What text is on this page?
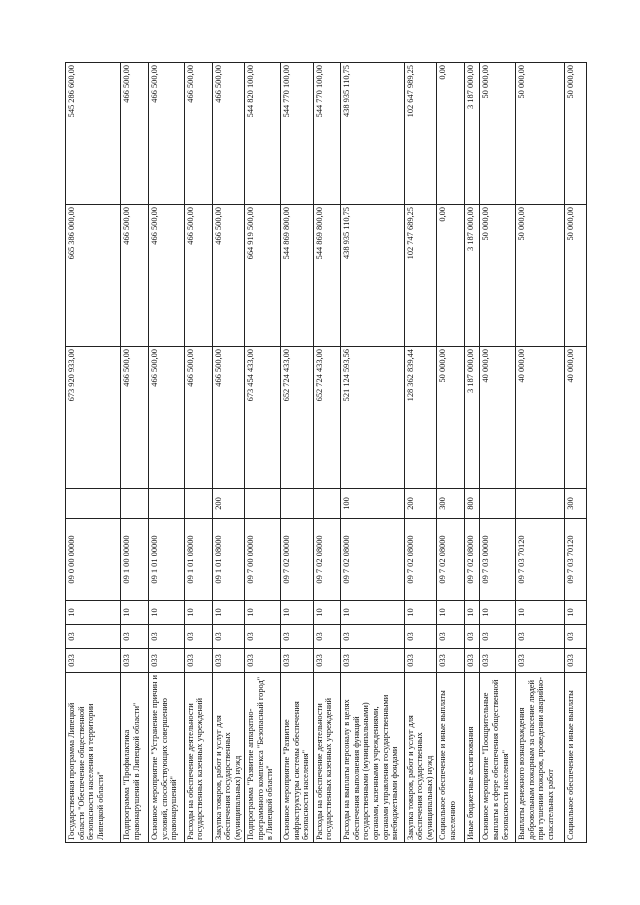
Государственная программа Липецкой области "Обеспечение общественной безопасности населения и территории Липецкой области"	033	03	10	09 0 00 00000		673 920 933,00	665 386 000,00	545 286 600,00
Подпрограмма "Профилактика правонарушений в Липецкой области"	033	03	10	09 1 00 00000		466 500,00	466 500,00	466 500,00
Основное мероприятие "Устранение причин и условий, способствующих совершению правонарушений"	033	03	10	09 1 01 00000		466 500,00	466 500,00	466 500,00
Расходы на обеспечение деятельности государственных казенных учреждений	033	03	10	09 1 01 08000		466 500,00	466 500,00	466 500,00
Закупка товаров, работ и услуг для обеспечения государственных (муниципальных) нужд	033	03	10	09 1 01 08000	200	466 500,00	466 500,00	466 500,00
Подпрограмма "Развитие аппаратно-программного комплекса "Безопасный город" в Липецкой области"	033	03	10	09 7 00 00000		673 454 433,00	664 919 500,00	544 820 100,00
Основное мероприятие "Развитие инфраструктуры системы обеспечения безопасности населения"	033	03	10	09 7 02 00000		652 724 433,00	544 869 800,00	544 770 100,00
Расходы на обеспечение деятельности государственных казенных учреждений	033	03	10	09 7 02 08000		652 724 433,00	544 869 800,00	544 770 100,00
Расходы на выплаты персоналу в целях обеспечения выполнения функций государственными (муниципальными) органами, казенными учреждениями, органами управления государственными внебюджетными фондами	033	03	10	09 7 02 08000	100	521 124 593,56	438 935 110,75	438 935 110,75
Закупка товаров, работ и услуг для обеспечения государственных (муниципальных) нужд	033	03	10	09 7 02 08000	200	128 362 839,44	102 747 689,25	102 647 989,25
Социальное обеспечение и иные выплаты населению	033	03	10	09 7 02 08000	300	50 000,00	0,00	0,00
Иные бюджетные ассигнования	033	03	10	09 7 02 08000	800	3 187 000,00	3 187 000,00	3 187 000,00
Основное мероприятие "Поощрительные выплаты в сфере обеспечения общественной безопасности населения"	033	03	10	09 7 03 00000		40 000,00	50 000,00	50 000,00
Выплаты денежного вознаграждения добровольным пожарным за спасение людей при тушении пожаров, проведении аварийно-спасательных работ	033	03	10	09 7 03 70120		40 000,00	50 000,00	50 000,00
Социальное обеспечение и иные выплаты	033	03	10	09 7 03 70120	300	40 000,00	50 000,00	50 000,00
